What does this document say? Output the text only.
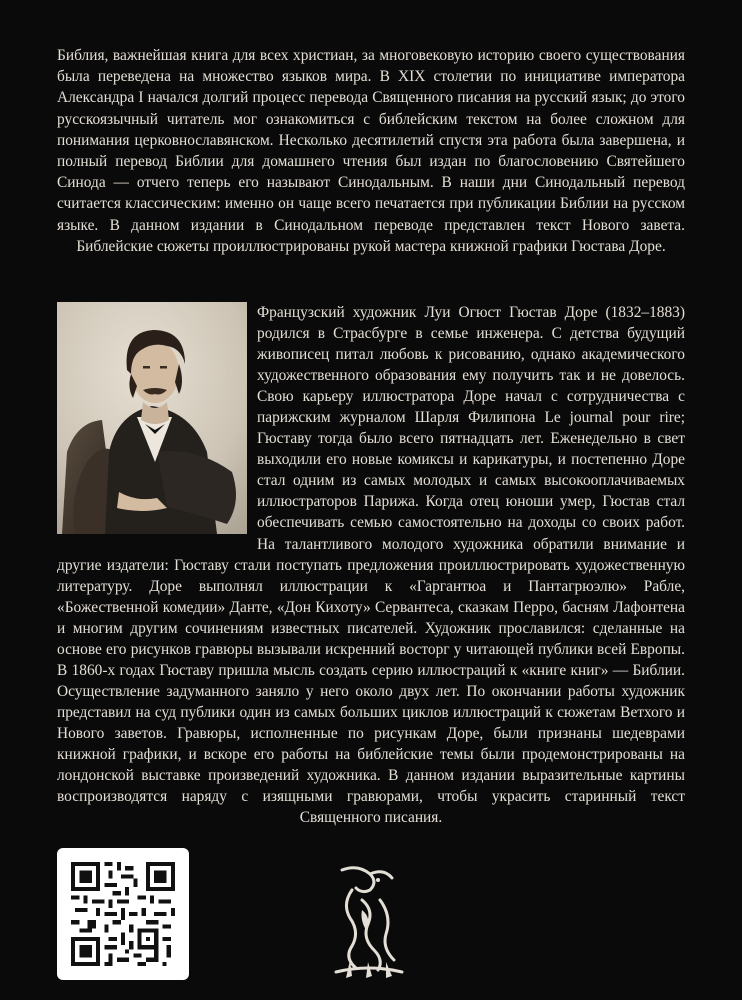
Библия, важнейшая книга для всех христиан, за многовековую историю своего существования была переведена на множество языков мира. В XIX столетии по инициативе императора Александра I начался долгий процесс перевода Священного писания на русский язык; до этого русскоязычный читатель мог ознакомиться с библейским текстом на более сложном для понимания церковнославянском. Несколько десятилетий спустя эта работа была завершена, и полный перевод Библии для домашнего чтения был издан по благословению Святейшего Синода — отчего теперь его называют Синодальным. В наши дни Синодальный перевод считается классическим: именно он чаще всего печатается при публикации Библии на русском языке. В данном издании в Синодальном переводе представлен текст Нового завета. Библейские сюжеты проиллюстрированы рукой мастера книжной графики Гюстава Доре.

Французский художник Луи Огюст Гюстав Доре (1832–1883) родился в Страсбурге в семье инженера. С детства будущий живописец питал любовь к рисованию, однако академического художественного образования ему получить так и не довелось. Свою карьеру иллюстратора Доре начал с сотрудничества с парижским журналом Шарля Филипона Le journal pour rire; Гюставу тогда было всего пятнадцать лет. Еженедельно в свет выходили его новые комиксы и карикатуры, и постепенно Доре стал одним из самых молодых и самых высокооплачиваемых иллюстраторов Парижа. Когда отец юноши умер, Гюстав стал обеспечивать семью самостоятельно на доходы со своих работ. На талантливого молодого художника обратили внимание и другие издатели: Гюставу стали поступать предложения проиллюстрировать художественную литературу. Доре выполнял иллюстрации к «Гаргантюа и Пантагрюэлю» Рабле, «Божественной комедии» Данте, «Дон Кихоту» Сервантеса, сказкам Перро, басням Лафонтена и многим другим сочинениям известных писателей. Художник прославился: сделанные на основе его рисунков гравюры вызывали искренний восторг у читающей публики всей Европы. В 1860-х годах Гюставу пришла мысль создать серию иллюстраций к «книге книг» — Библии. Осуществление задуманного заняло у него около двух лет. По окончании работы художник представил на суд публики один из самых больших циклов иллюстраций к сюжетам Ветхого и Нового заветов. Гравюры, исполненные по рисункам Доре, были признаны шедеврами книжной графики, и вскоре его работы на библейские темы были продемонстрированы на лондонской выставке произведений художника. В данном издании выразительные картины воспроизводятся наряду с изящными гравюрами, чтобы украсить старинный текст Священного писания.
